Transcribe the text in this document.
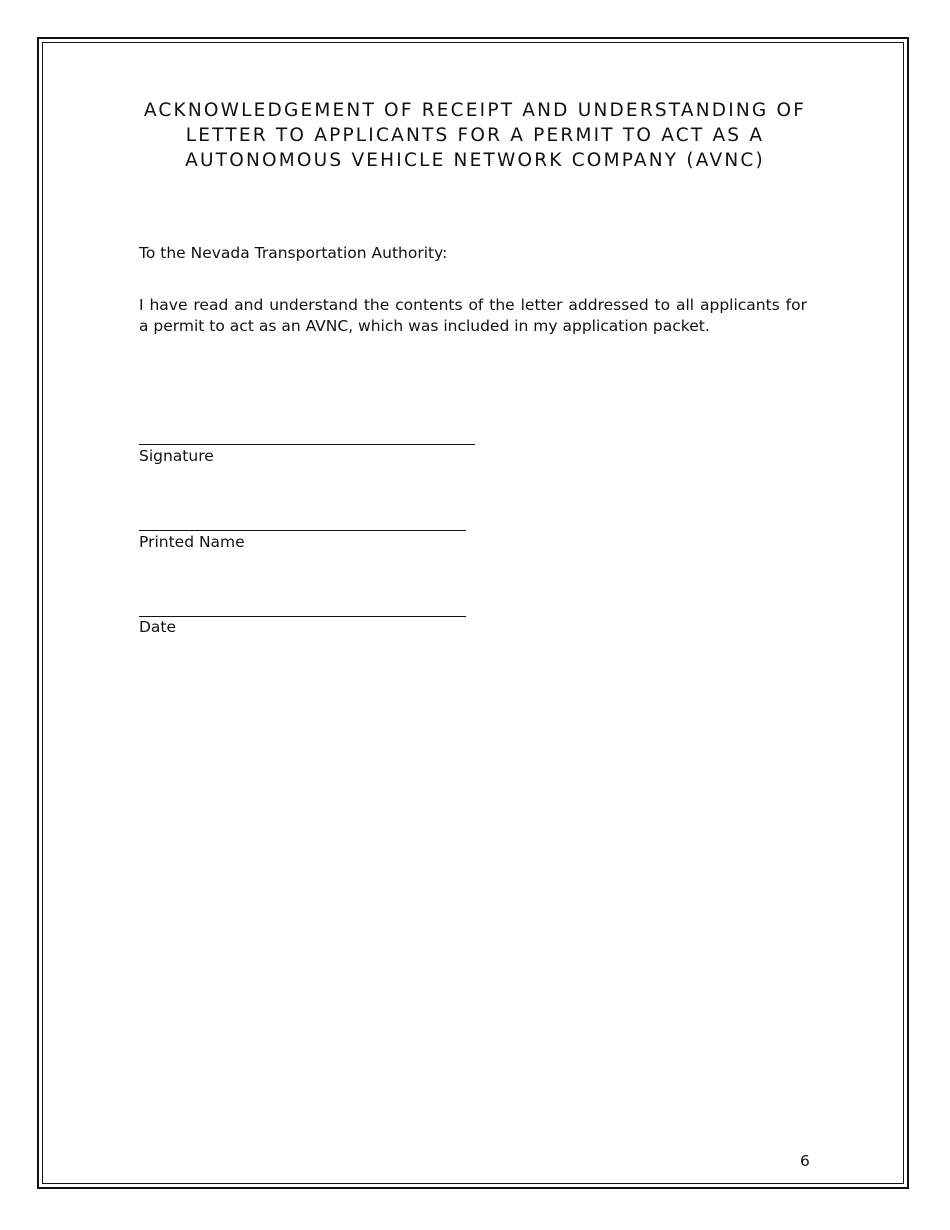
ACKNOWLEDGEMENT OF RECEIPT AND UNDERSTANDING OF
LETTER TO APPLICANTS FOR A PERMIT TO ACT AS A
AUTONOMOUS VEHICLE NETWORK COMPANY (AVNC)
To the Nevada Transportation Authority:
I have read and understand the contents of the letter addressed to all applicants for a permit to act as an AVNC, which was included in my application packet.
Signature
Printed Name
Date
6
